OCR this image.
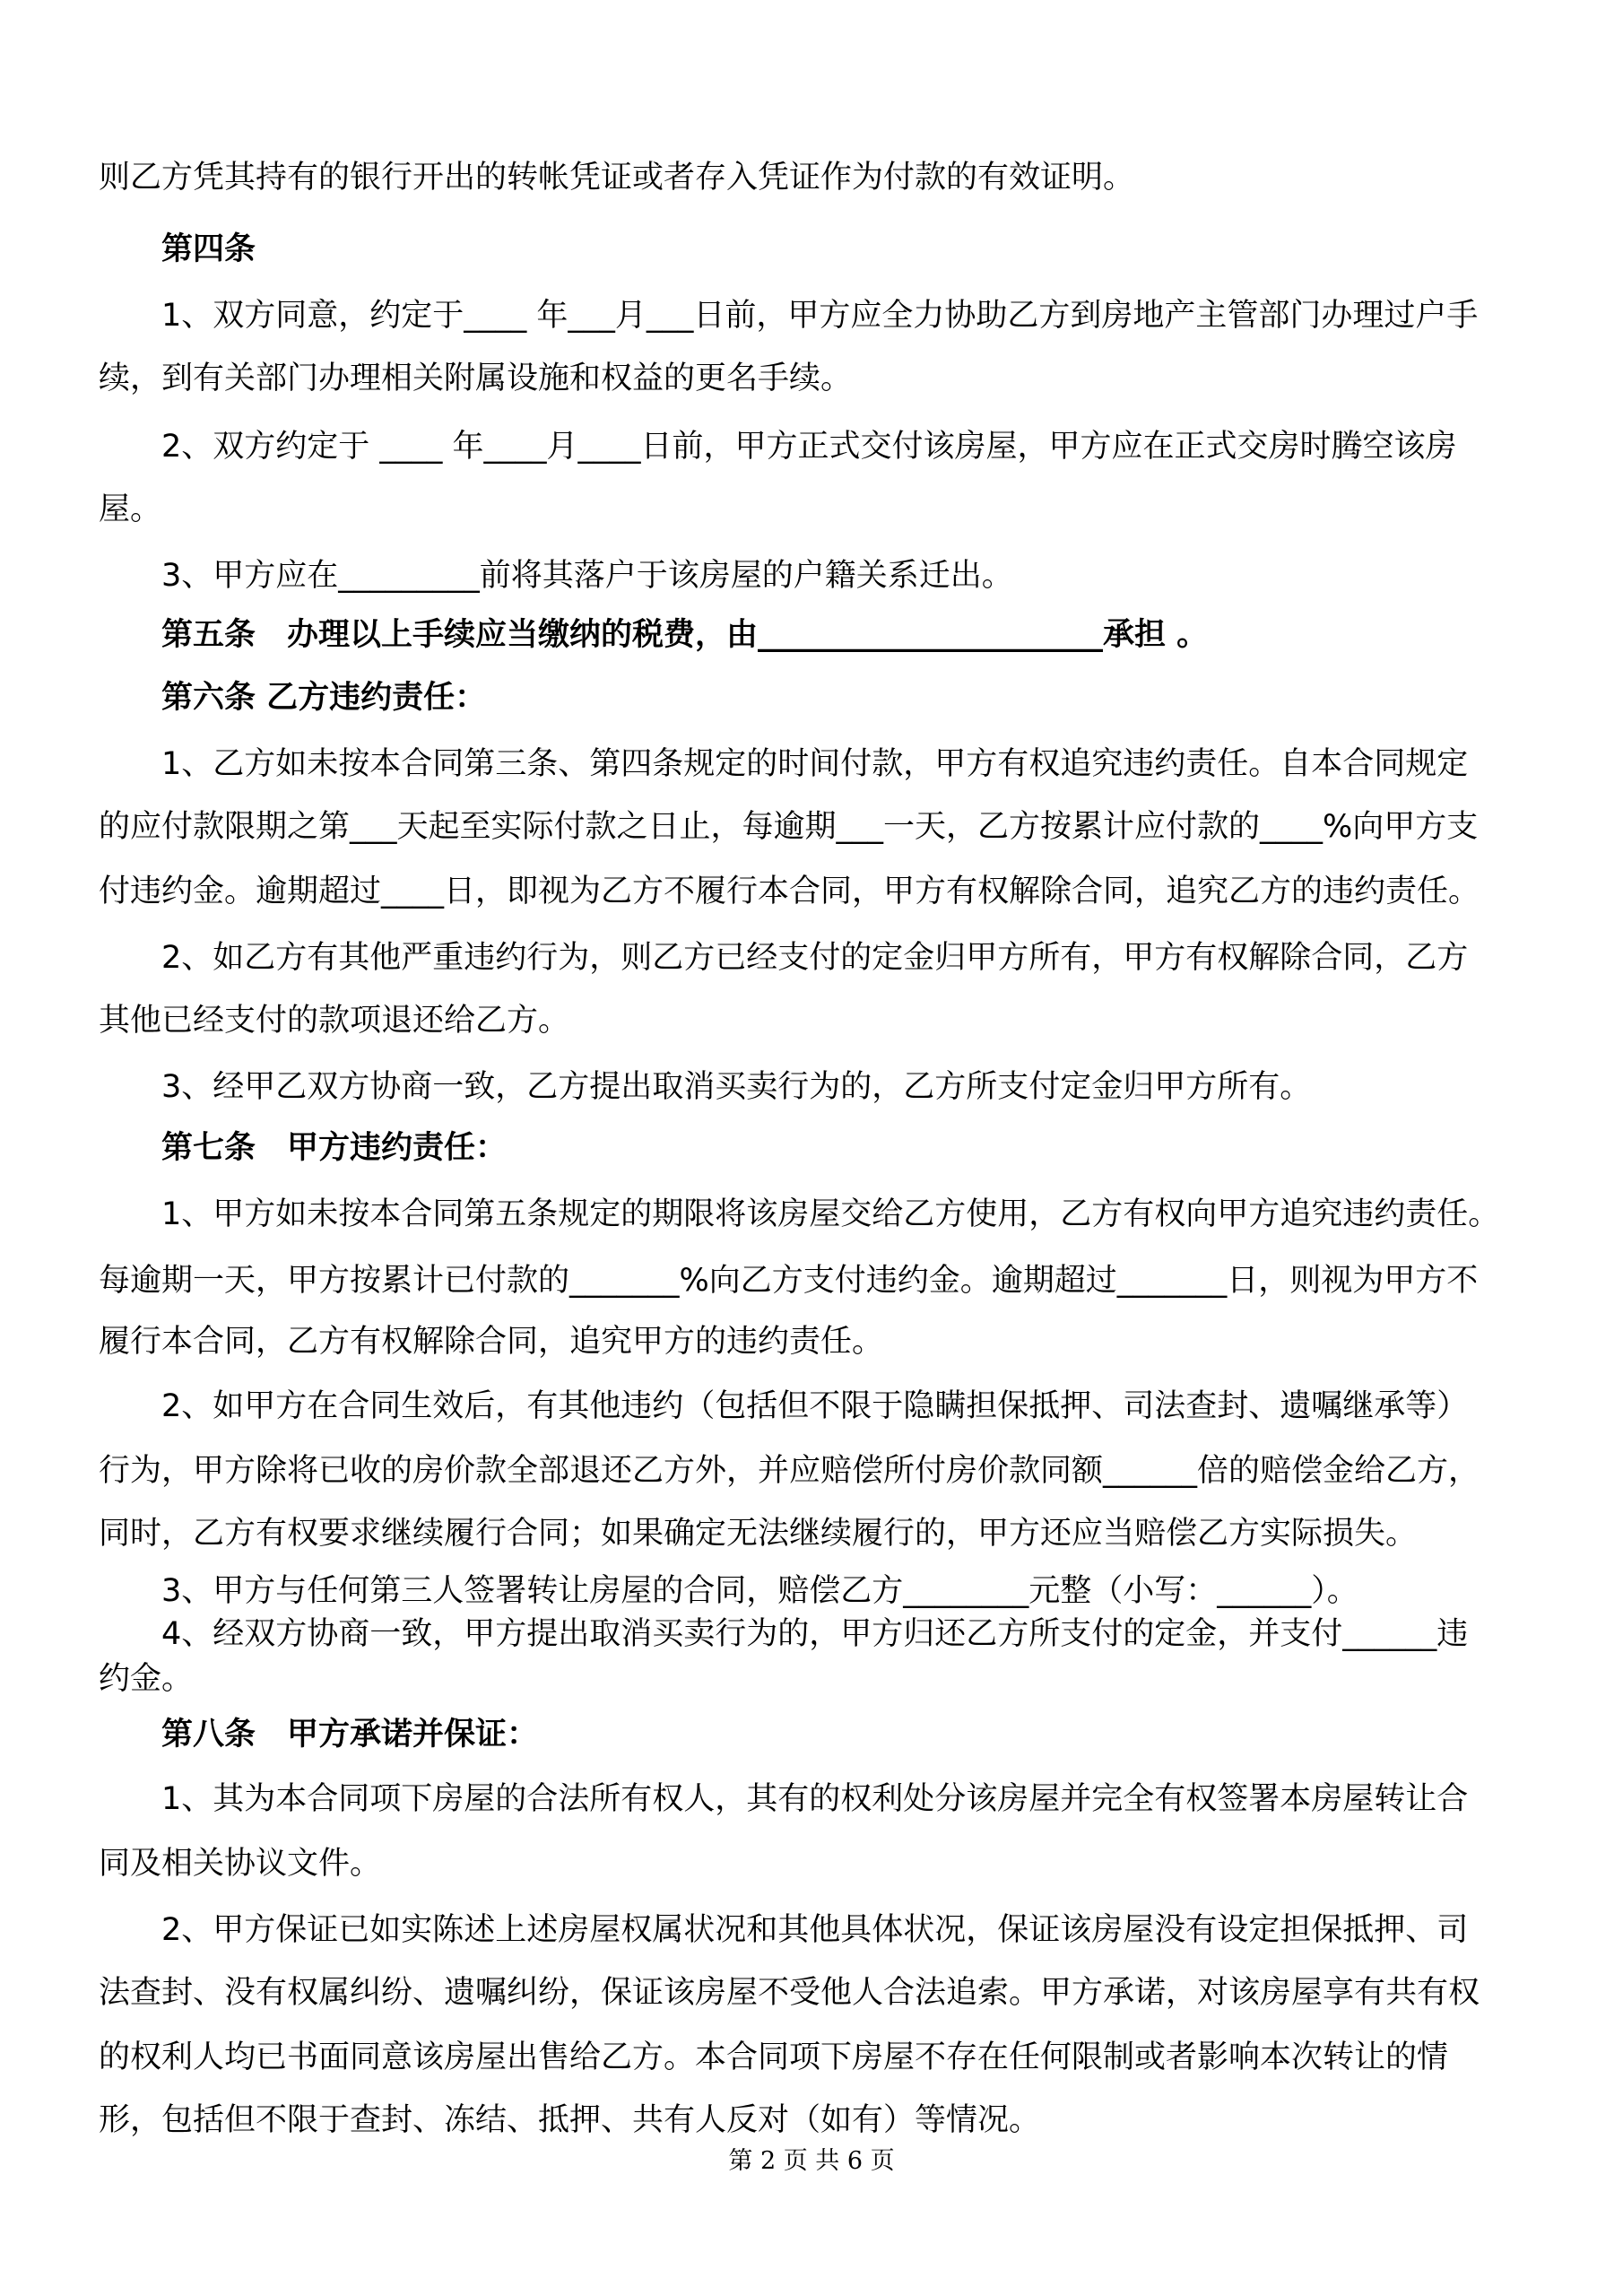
则乙方凭其持有的银行开出的转帐凭证或者存入凭证作为付款的有效证明。
第四条
1、双方同意，约定于____ 年___月___日前，甲方应全力协助乙方到房地产主管部门办理过户手
续，到有关部门办理相关附属设施和权益的更名手续。
2、双方约定于 ____ 年____月____日前，甲方正式交付该房屋，甲方应在正式交房时腾空该房
屋。
3、甲方应在_________前将其落户于该房屋的户籍关系迁出。
第五条　办理以上手续应当缴纳的税费，由______________________承担 。
第六条 乙方违约责任：
1、乙方如未按本合同第三条、第四条规定的时间付款，甲方有权追究违约责任。自本合同规定
的应付款限期之第___天起至实际付款之日止，每逾期___一天，乙方按累计应付款的____%向甲方支
付违约金。逾期超过____日，即视为乙方不履行本合同，甲方有权解除合同，追究乙方的违约责任。
2、如乙方有其他严重违约行为，则乙方已经支付的定金归甲方所有，甲方有权解除合同，乙方
其他已经支付的款项退还给乙方。
3、经甲乙双方协商一致，乙方提出取消买卖行为的，乙方所支付定金归甲方所有。
第七条　甲方违约责任：
1、甲方如未按本合同第五条规定的期限将该房屋交给乙方使用，乙方有权向甲方追究违约责任。
每逾期一天，甲方按累计已付款的_______%向乙方支付违约金。逾期超过_______日，则视为甲方不
履行本合同，乙方有权解除合同，追究甲方的违约责任。
2、如甲方在合同生效后，有其他违约（包括但不限于隐瞒担保抵押、司法查封、遗嘱继承等）
行为，甲方除将已收的房价款全部退还乙方外，并应赔偿所付房价款同额______倍的赔偿金给乙方，
同时，乙方有权要求继续履行合同；如果确定无法继续履行的，甲方还应当赔偿乙方实际损失。
3、甲方与任何第三人签署转让房屋的合同，赔偿乙方________元整（小写：______）。
4、经双方协商一致，甲方提出取消买卖行为的，甲方归还乙方所支付的定金，并支付______违
约金。
第八条　甲方承诺并保证：
1、其为本合同项下房屋的合法所有权人，其有的权利处分该房屋并完全有权签署本房屋转让合
同及相关协议文件。
2、甲方保证已如实陈述上述房屋权属状况和其他具体状况，保证该房屋没有设定担保抵押、司
法查封、没有权属纠纷、遗嘱纠纷，保证该房屋不受他人合法追索。甲方承诺，对该房屋享有共有权
的权利人均已书面同意该房屋出售给乙方。本合同项下房屋不存在任何限制或者影响本次转让的情
形，包括但不限于查封、冻结、抵押、共有人反对（如有）等情况。
第 2 页 共 6 页
